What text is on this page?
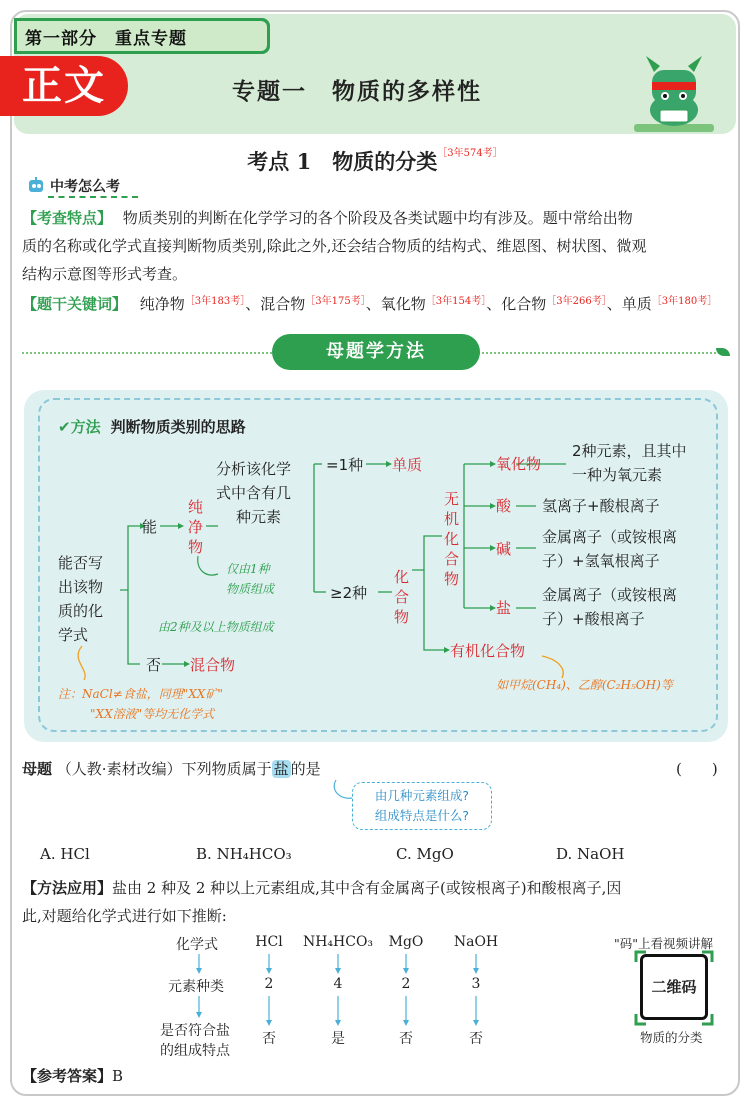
第一部分　重点专题
正文	专题一　物质的多样性
考点 1　物质的分类$^{[3年574考]}$
中考怎么考
【考查特点】 物质类别的判断在化学学习的各个阶段及各类试题中均有涉及。题中常给出物
质的名称或化学式直接判断物质类别,除此之外,还会结合物质的结构式、维恩图、树状图、微观
结构示意图等形式考查。
【题干关键词】 纯净物$^{[3年183考]}$、混合物$^{[3年175考]}$、氧化物$^{[3年154考]}$、化合物$^{[3年266考]}$、单质$^{[3年180考]}$
母题学方法
✔方法 判断物质类别的思路
能否写
出该物
质的化
学式
能
否
纯
净
物
混合物
分析该化学
式中含有几
种元素
=1种
≥2种
单质
化
合
物
无
机
化
合
物
氧化物
2种元素，且其中
一种为氧元素
酸 氢离子+酸根离子
碱
金属离子（或铵根离
子）+氢氧根离子
盐
金属离子（或铵根离
子）+酸根离子
有机化合物
仅由1种
物质组成
由2种及以上物质组成
如甲烷(CH₄)、乙醇(C₂H₅OH)等
注：NaCl≠食盐，同理"XX矿"
"XX溶液"等均无化学式
母题 （人教·素材改编）下列物质属于 盐 的是	(　　)
由几种元素组成?
组成特点是什么?
A. HCl	B. NH₄HCO₃	C. MgO	D. NaOH
【方法应用】盐由 2 种及 2 种以上元素组成,其中含有金属离子(或铵根离子)和酸根离子,因
此,对题给化学式进行如下推断:
化学式
元素种类
是否符合盐
的组成特点
HCl NH₄HCO₃ MgO NaOH
2	4	2	3
否	是	否	否
"码"上看视频讲解
二维码
物质的分类
【参考答案】B
